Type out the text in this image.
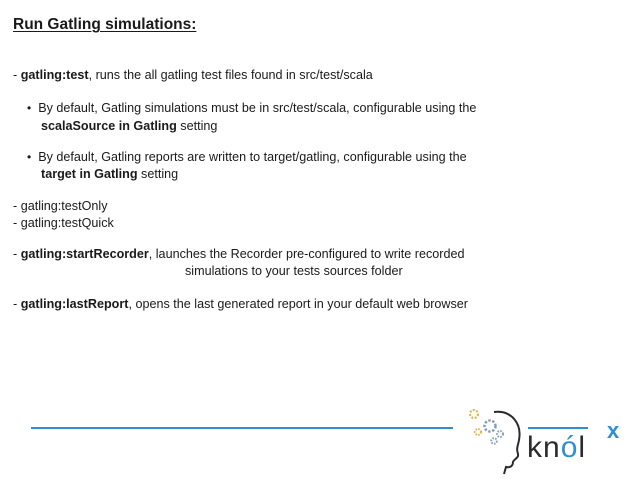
Run Gatling simulations:
- gatling:test, runs the all gatling test files found in src/test/scala
• By default, Gatling simulations must be in src/test/scala, configurable using the
scalaSource in Gatling setting
• By default, Gatling reports are written to target/gatling, configurable using the
target in Gatling setting
- gatling:testOnly
- gatling:testQuick
- gatling:startRecorder, launches the Recorder pre-configured to write recorded
simulations to your tests sources folder
- gatling:lastReport, opens the last generated report in your default web browser
knól
x
